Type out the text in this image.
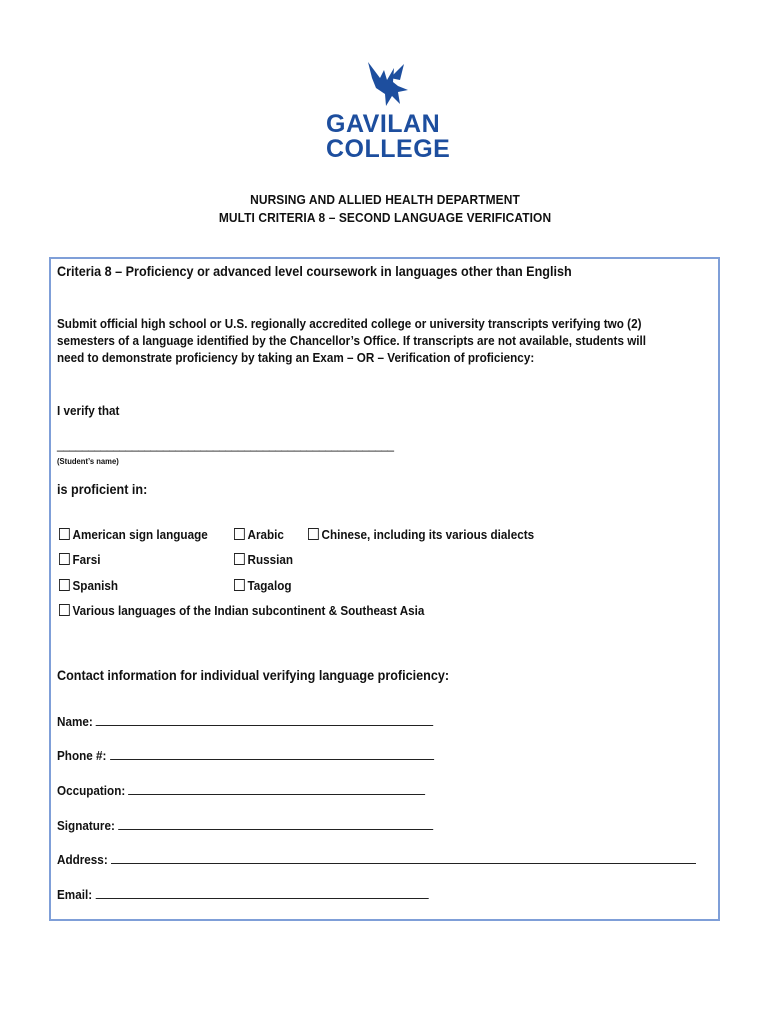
GAVILAN
COLLEGE
NURSING AND ALLIED HEALTH DEPARTMENT
MULTI CRITERIA 8 – SECOND LANGUAGE VERIFICATION
Criteria 8 – Proficiency or advanced level coursework in languages other than English
Submit official high school or U.S. regionally accredited college or university transcripts verifying two (2) semesters of a language identified by the Chancellor’s Office. If transcripts are not available, students will need to demonstrate proficiency by taking an Exam – OR – Verification of proficiency:
I verify that
______________________________________________________
(Student’s name)
is proficient in:
American sign language	Arabic	Chinese, including its various dialects
Farsi	Russian
Spanish	Tagalog
Various languages of the Indian subcontinent & Southeast Asia
Contact information for individual verifying language proficiency:
Name:
Phone #:
Occupation:
Signature:
Address:
Email:
